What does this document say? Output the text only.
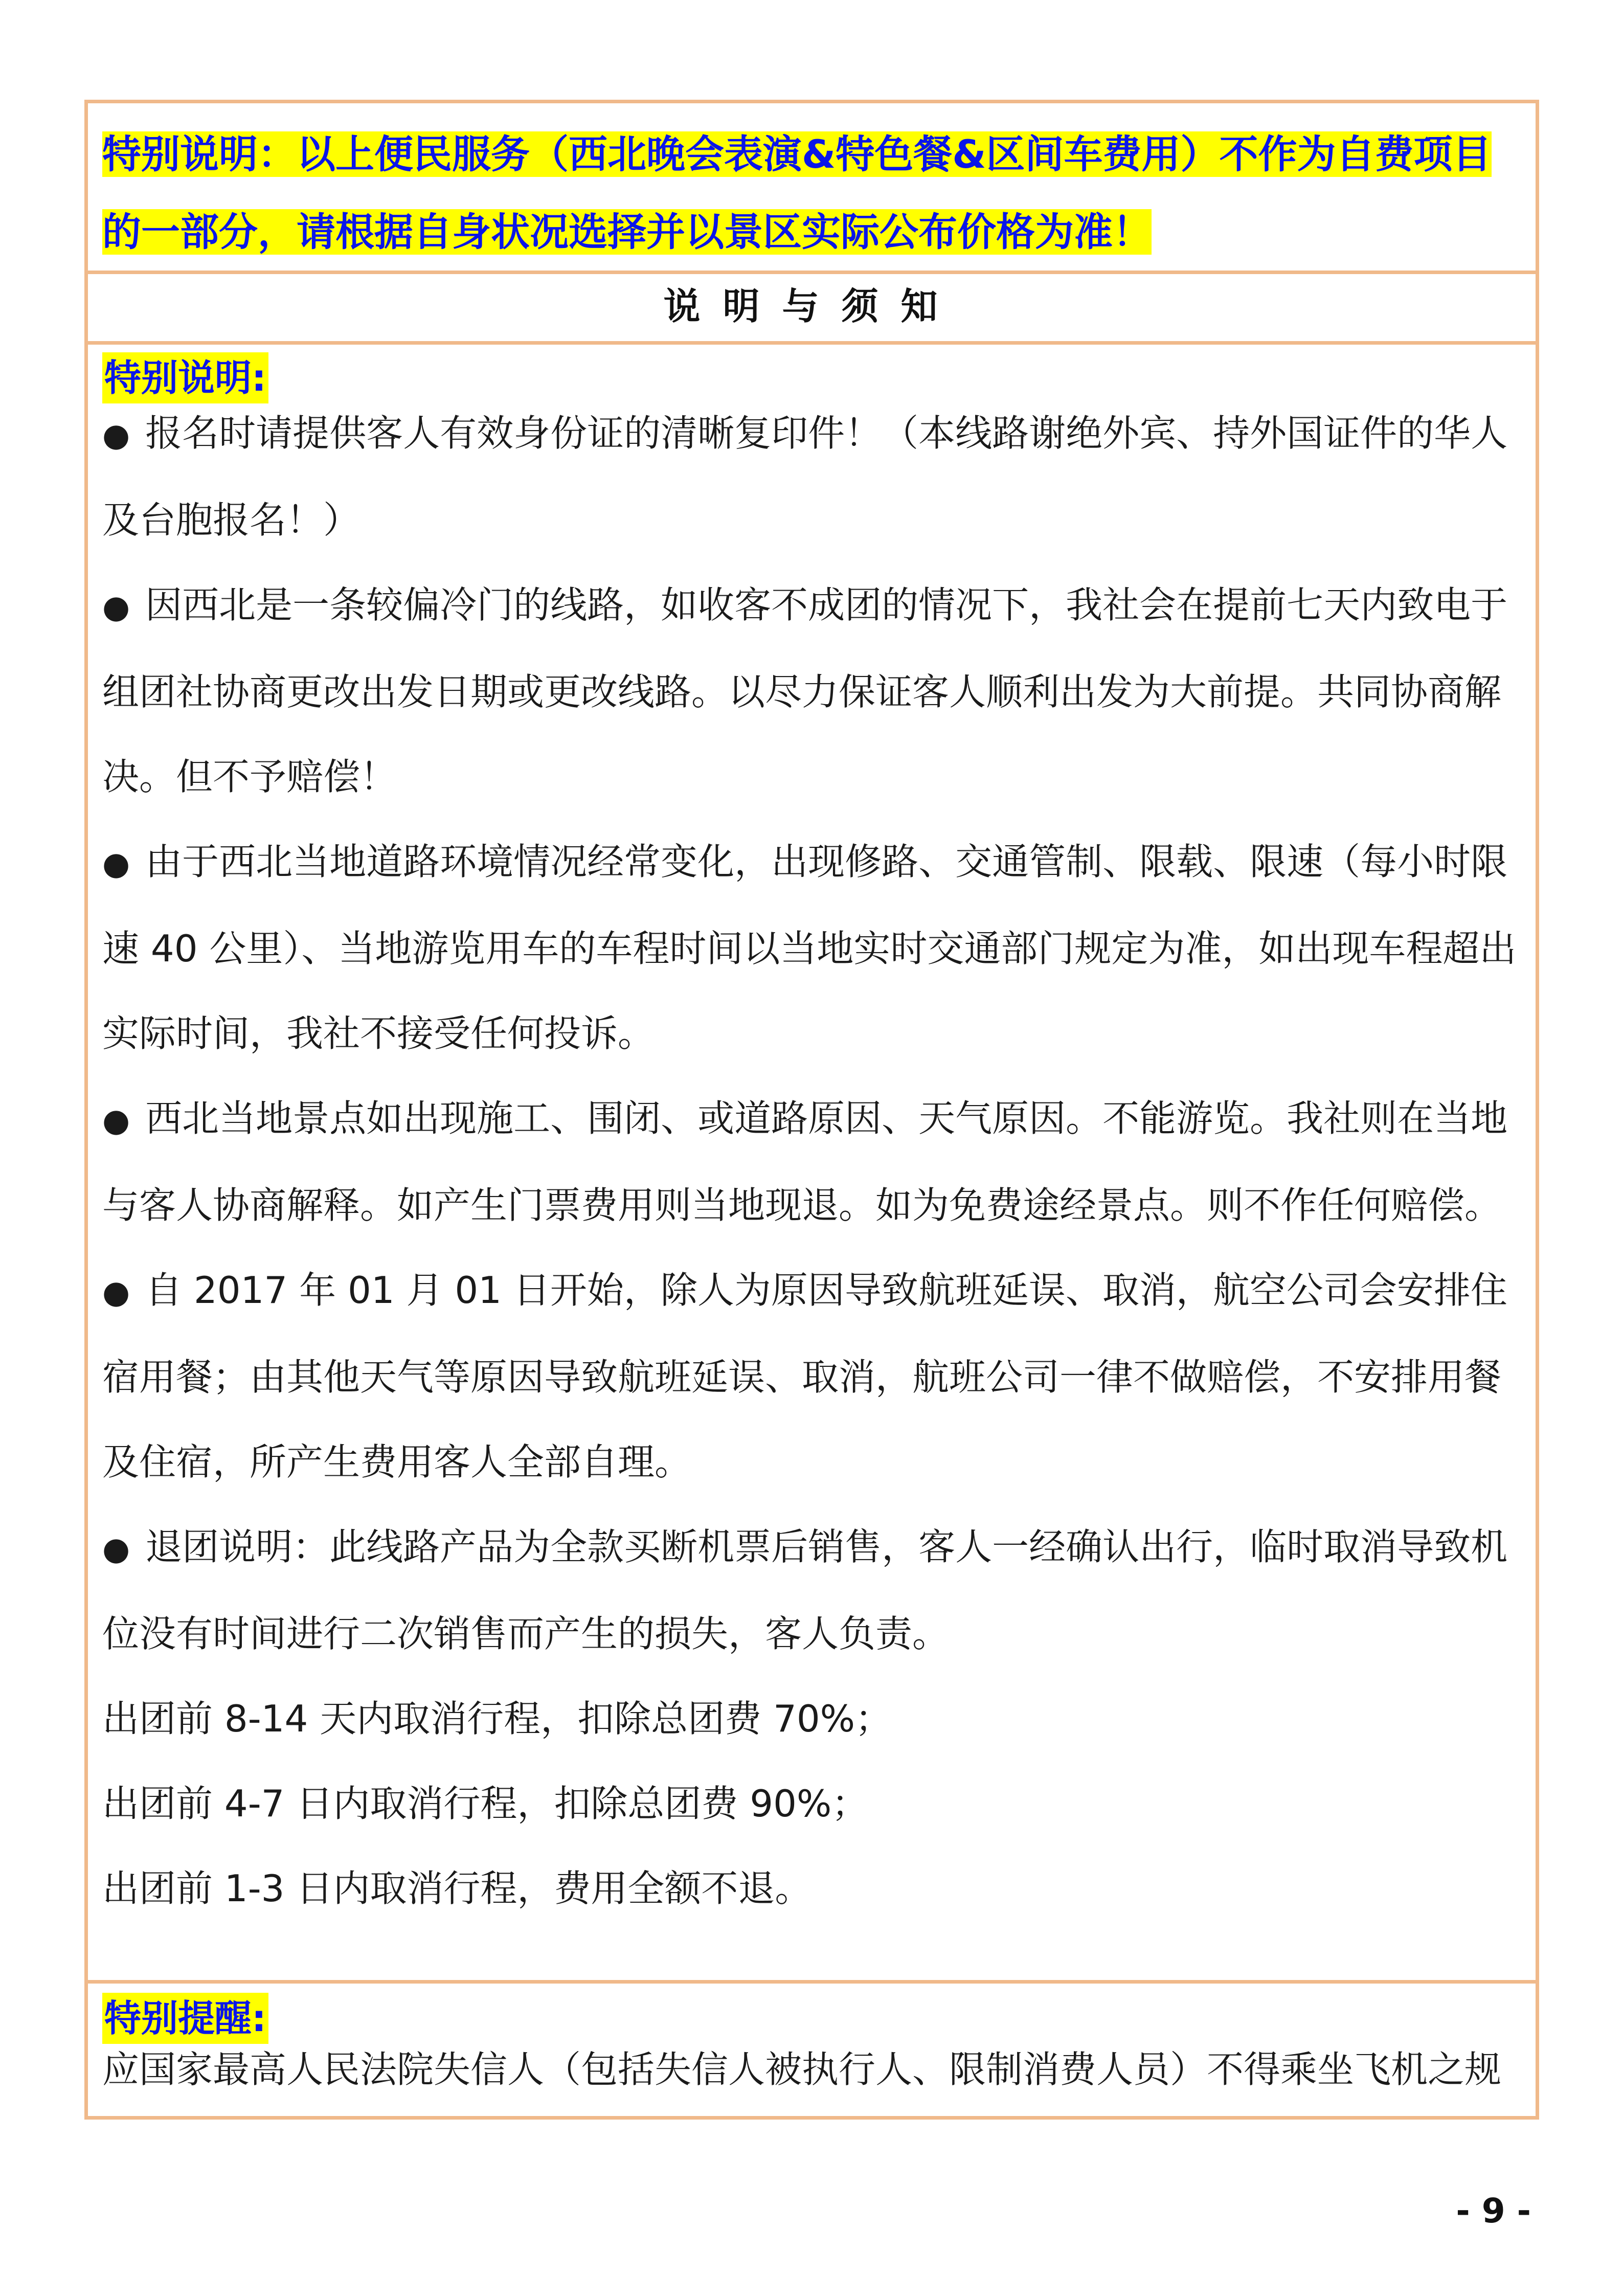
特别说明：以上便民服务（西北晚会表演&特色餐&区间车费用）不作为自费项目的一部分，请根据自身状况选择并以景区实际公布价格为准！
说明与须知
特别说明:

● 报名时请提供客人有效身份证的清晰复印件！（本线路谢绝外宾、持外国证件的华人及台胞报名！）

● 因西北是一条较偏冷门的线路，如收客不成团的情况下，我社会在提前七天内致电于组团社协商更改出发日期或更改线路。以尽力保证客人顺利出发为大前提。共同协商解决。但不予赔偿！

● 由于西北当地道路环境情况经常变化，出现修路、交通管制、限载、限速（每小时限速 40 公里）、当地游览用车的车程时间以当地实时交通部门规定为准，如出现车程超出实际时间，我社不接受任何投诉。

● 西北当地景点如出现施工、围闭、或道路原因、天气原因。不能游览。我社则在当地与客人协商解释。如产生门票费用则当地现退。如为免费途经景点。则不作任何赔偿。

● 自 2017 年 01 月 01 日开始，除人为原因导致航班延误、取消，航空公司会安排住宿用餐；由其他天气等原因导致航班延误、取消，航班公司一律不做赔偿，不安排用餐及住宿，所产生费用客人全部自理。

● 退团说明：此线路产品为全款买断机票后销售，客人一经确认出行，临时取消导致机位没有时间进行二次销售而产生的损失，客人负责。

出团前 8-14 天内取消行程，扣除总团费 70%；

出团前 4-7 日内取消行程，扣除总团费 90%；

出团前 1-3 日内取消行程，费用全额不退。

特别提醒:
应国家最高人民法院失信人（包括失信人被执行人、限制消费人员）不得乘坐飞机之规
- 9 -
